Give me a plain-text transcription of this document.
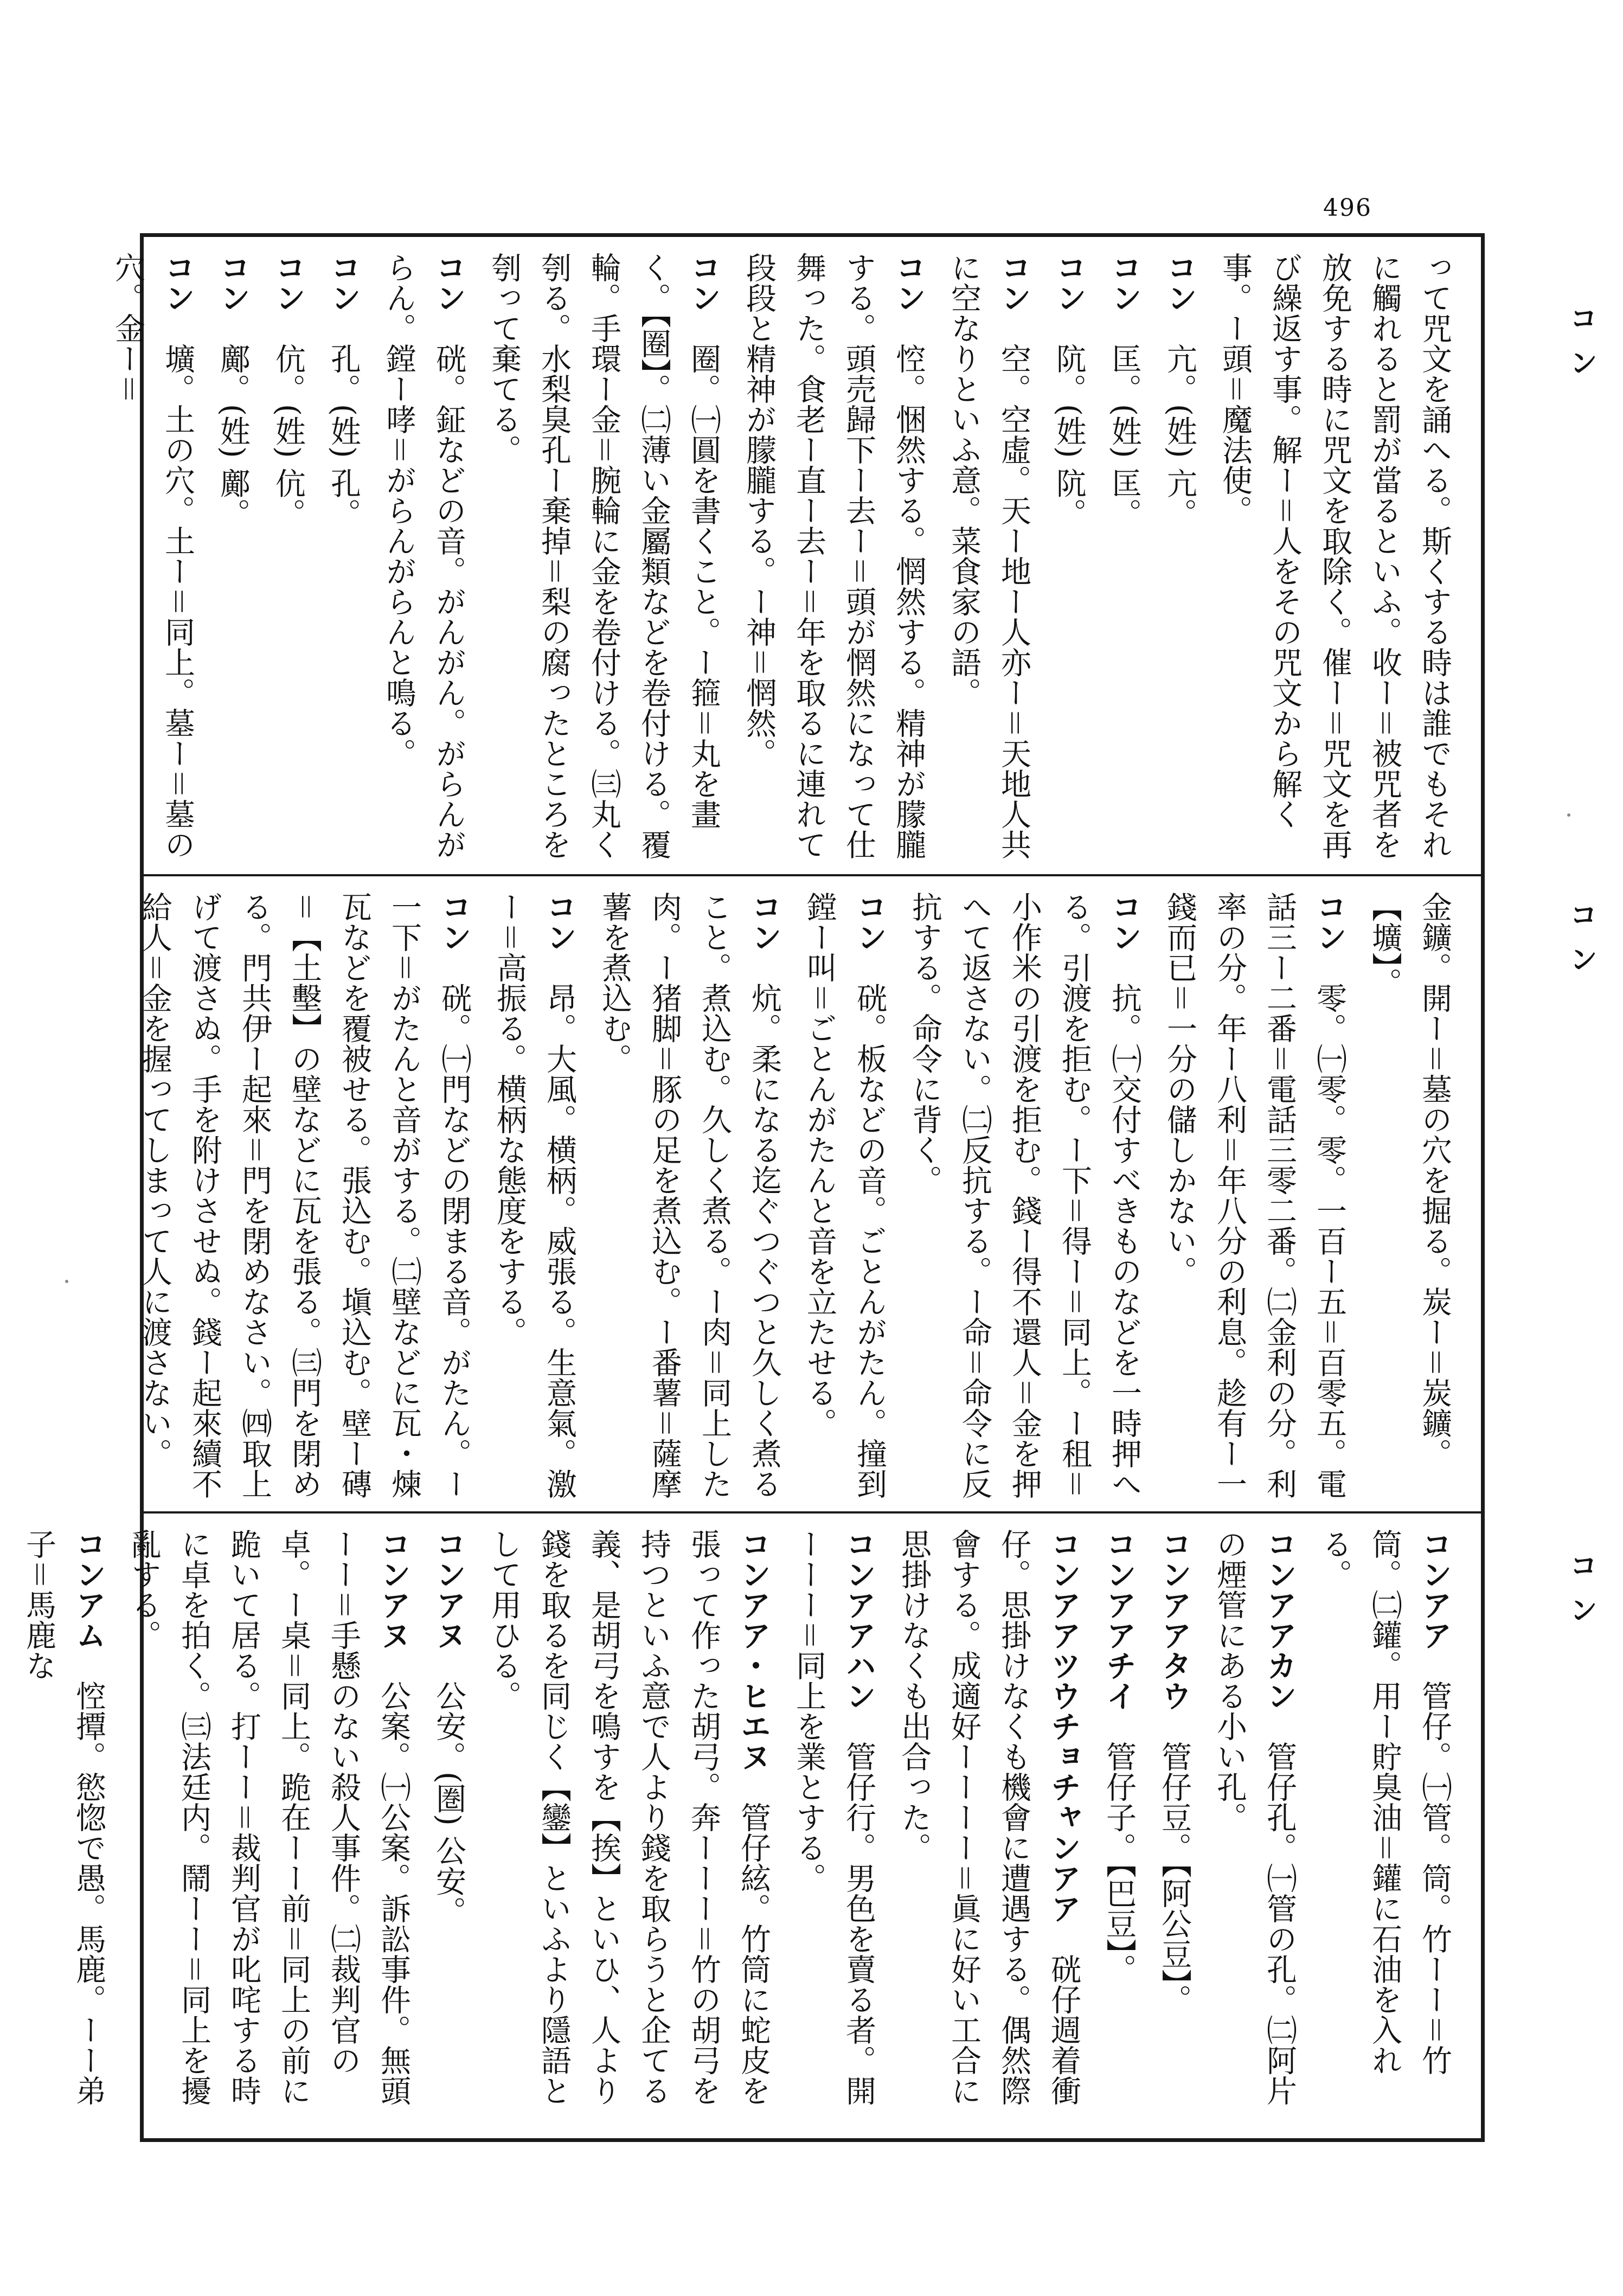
496
って咒文を誦へる。斯くする時は誰でもそれに觸れると罰が當るといふ。收ー＝被咒者を放免する時に咒文を取除く。催ー＝咒文を再び繰返す事。解ー＝人をその咒文から解く事。ー頭＝魔法使。
コン　亢。(姓) 亢。
コン　匡。(姓) 匡。
コン　阬。(姓) 阬。
コン　空。空虛。天ー地ー人亦ー＝天地人共に空なりといふ意。菜食家の語。
コン　悾。悃然する。惘然する。精神が朦朧する。頭売歸下ー去ー＝頭が惘然になって仕舞った。食老ー直ー去ー＝年を取るに連れて段段と精神が朦朧する。ー神＝惘然。
コン　圈。㈠圓を書くこと。ー箍＝丸を畫く。【圈】。㈡薄い金屬類などを卷付ける。覆輪。手環ー金＝腕輪に金を卷付ける。㈢丸く刳る。水梨臭孔ー棄掉＝梨の腐ったところを刳って棄てる。
コン　硄。鉦などの音。がんがん。がらんがらん。鏜ー哮＝がらんがらんと鳴る。
コン　孔。(姓) 孔。
コン　伉。(姓) 伉。
コン　鄺。(姓) 鄺。
コン　壙。土の穴。土ー＝同上。墓ー＝墓の穴。金ー＝
金鑛。開ー＝墓の穴を掘る。炭ー＝炭鑛。【壙】。
コン　零。㈠零。零。一百ー五＝百零五。電話三ー二番＝電話三零二番。㈡金利の分。利率の分。年ー八利＝年八分の利息。趁有ー一錢而已＝一分の儲しかない。
コン　抗。㈠交付すべきものなどを一時押へる。引渡を拒む。ー下＝得ー＝同上。ー租＝小作米の引渡を拒む。錢ー得不還人＝金を押へて返さない。㈡反抗する。ー命＝命令に反抗する。命令に背く。
コン　硄。板などの音。ごとんがたん。撞到鏜ー叫＝ごとんがたんと音を立たせる。
コン　炕。柔になる迄ぐつぐつと久しく煮ること。煮込む。久しく煮る。ー肉＝同上した肉。ー猪脚＝豚の足を煮込む。ー番薯＝薩摩薯を煮込む。
コン　昂。大風。横柄。威張る。生意氣。激ー＝高振る。横柄な態度をする。
コン　硄。㈠門などの閉まる音。がたん。ー一下＝がたんと音がする。㈡壁などに瓦・煉瓦などを覆被せる。張込む。塡込む。壁ー磚＝【土墼】の壁などに瓦を張る。㈢門を閉める。門共伊ー起來＝門を閉めなさい。㈣取上げて渡さぬ。手を附けさせぬ。錢ー起來續不給人＝金を握ってしまって人に渡さない。
コンアア　管仔。㈠管。筒。竹ーー＝竹筒。㈡鑵。用ー貯臭油＝鑵に石油を入れる。
コンアアカン　管仔孔。㈠管の孔。㈡阿片の煙管にある小い孔。
コンアアタウ　管仔豆。【阿公豆】。
コンアアチイ　管仔子。【巴豆】。
コンアアツウチョチャンアア　硄仔週着衝仔。思掛けなくも機會に遭遇する。偶然際會する。成適好ーーーー＝眞に好い工合に思掛けなくも出合った。
コンアアハン　管仔行。男色を賣る者。開ーーー＝同上を業とする。
コンアア・ヒエヌ　管仔絃。竹筒に蛇皮を張って作った胡弓。奔ーーー＝竹の胡弓を持つといふ意で人より錢を取らうと企てる義、是胡弓を鳴すを【挨】といひ、人より錢を取るを同じく【鑾】といふより隱語として用ひる。
コンアヌ　公安。(圏) 公安。
コンアヌ　公案。㈠公案。訴訟事件。無頭ーー＝手懸のない殺人事件。㈡裁判官の卓。ー桌＝同上。跪在ーー前＝同上の前に跪いて居る。打ーー＝裁判官が叱咤する時に卓を拍く。㈢法廷内。鬧ーー＝同上を擾亂する。
コンアム　悾撢。慾惚で愚。馬鹿。ーー弟子＝馬鹿な
コン
コン
コン
